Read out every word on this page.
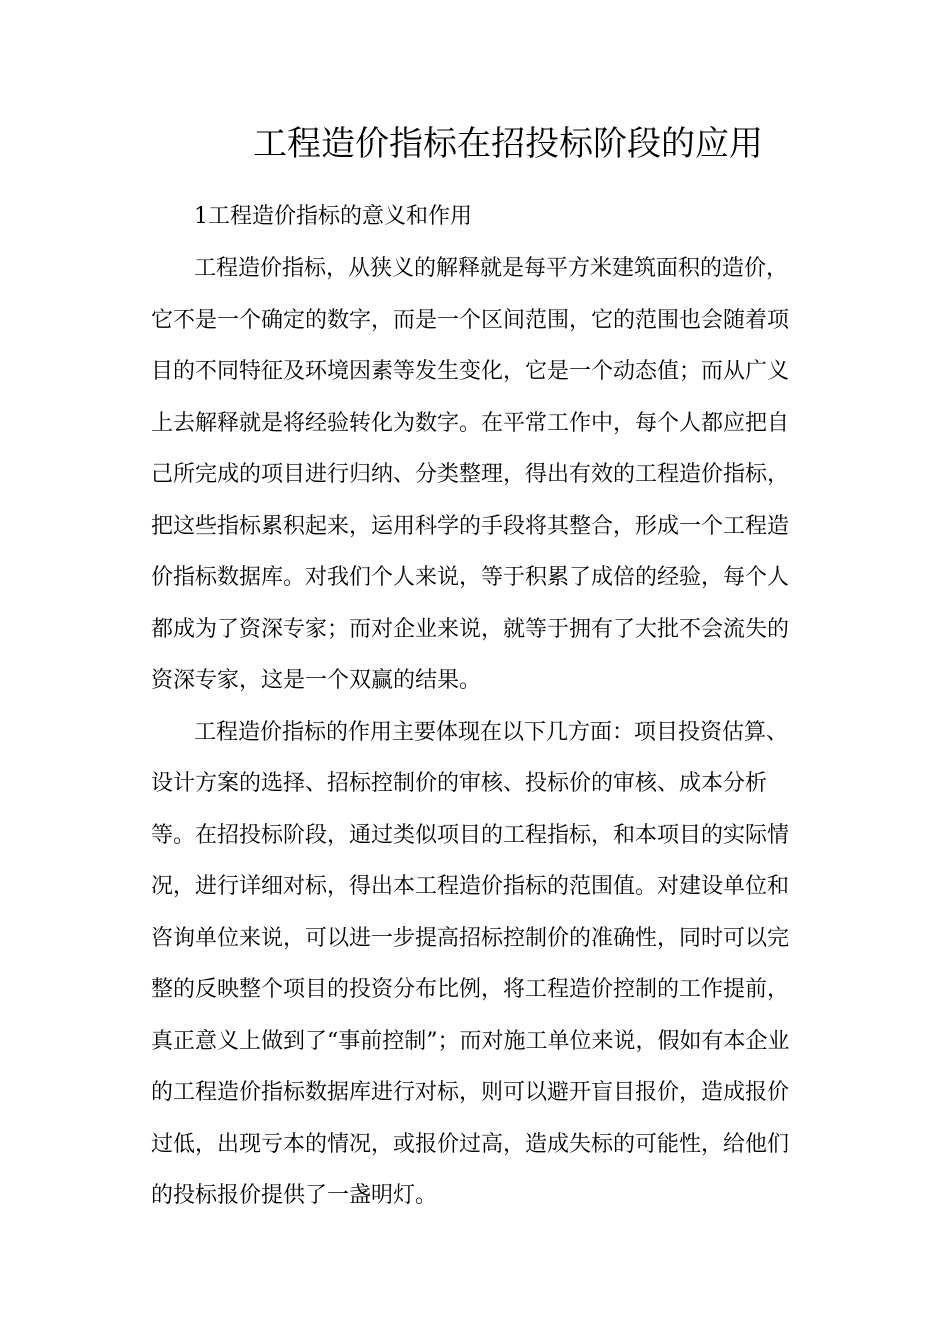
工程造价指标在招投标阶段的应用
1工程造价指标的意义和作用
工程造价指标，从狭义的解释就是每平方米建筑面积的造价，
它不是一个确定的数字，而是一个区间范围，它的范围也会随着项
目的不同特征及环境因素等发生变化，它是一个动态值；而从广义
上去解释就是将经验转化为数字。在平常工作中，每个人都应把自
己所完成的项目进行归纳、分类整理，得出有效的工程造价指标，
把这些指标累积起来，运用科学的手段将其整合，形成一个工程造
价指标数据库。对我们个人来说，等于积累了成倍的经验，每个人
都成为了资深专家；而对企业来说，就等于拥有了大批不会流失的
资深专家，这是一个双赢的结果。
工程造价指标的作用主要体现在以下几方面：项目投资估算、
设计方案的选择、招标控制价的审核、投标价的审核、成本分析
等。在招投标阶段，通过类似项目的工程指标，和本项目的实际情
况，进行详细对标，得出本工程造价指标的范围值。对建设单位和
咨询单位来说，可以进一步提高招标控制价的准确性，同时可以完
整的反映整个项目的投资分布比例，将工程造价控制的工作提前，
真正意义上做到了“事前控制”；而对施工单位来说，假如有本企业
的工程造价指标数据库进行对标，则可以避开盲目报价，造成报价
过低，出现亏本的情况，或报价过高，造成失标的可能性，给他们
的投标报价提供了一盏明灯。
